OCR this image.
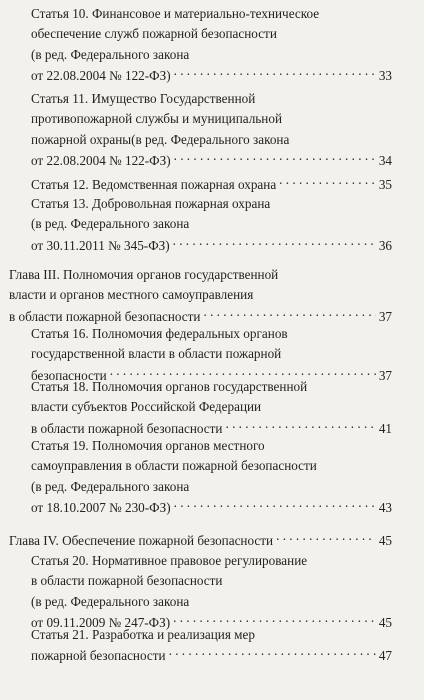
Статья 10. Финансовое и материально-техническое
обеспечение служб пожарной безопасности
(в ред. Федерального закона
от 22.08.2004 № 122-ФЗ) . . .	33
Статья 11. Имущество Государственной
противопожарной службы и муниципальной
пожарной охраны(в ред. Федерального закона
от 22.08.2004 № 122-ФЗ) . . .	34
Статья 12. Ведомственная пожарная охрана . . .	35
Статья 13. Добровольная пожарная охрана
(в ред. Федерального закона
от 30.11.2011 № 345-ФЗ) . . .	36
Глава III. Полномочия органов государственной
власти и органов местного самоуправления
в области пожарной безопасности . . .	37
Статья 16. Полномочия федеральных органов
государственной власти в области пожарной
безопасности . . .	37
Статья 18. Полномочия органов государственной
власти субъектов Российской Федерации
в области пожарной безопасности . . .	41
Статья 19. Полномочия органов местного
самоуправления в области пожарной безопасности
(в ред. Федерального закона
от 18.10.2007 № 230-ФЗ) . . .	43
Глава IV. Обеспечение пожарной безопасности . . .	45
Статья 20. Нормативное правовое регулирование
в области пожарной безопасности
(в ред. Федерального закона
от 09.11.2009 № 247-ФЗ) . . .	45
Статья 21. Разработка и реализация мер
пожарной безопасности . . .	47
